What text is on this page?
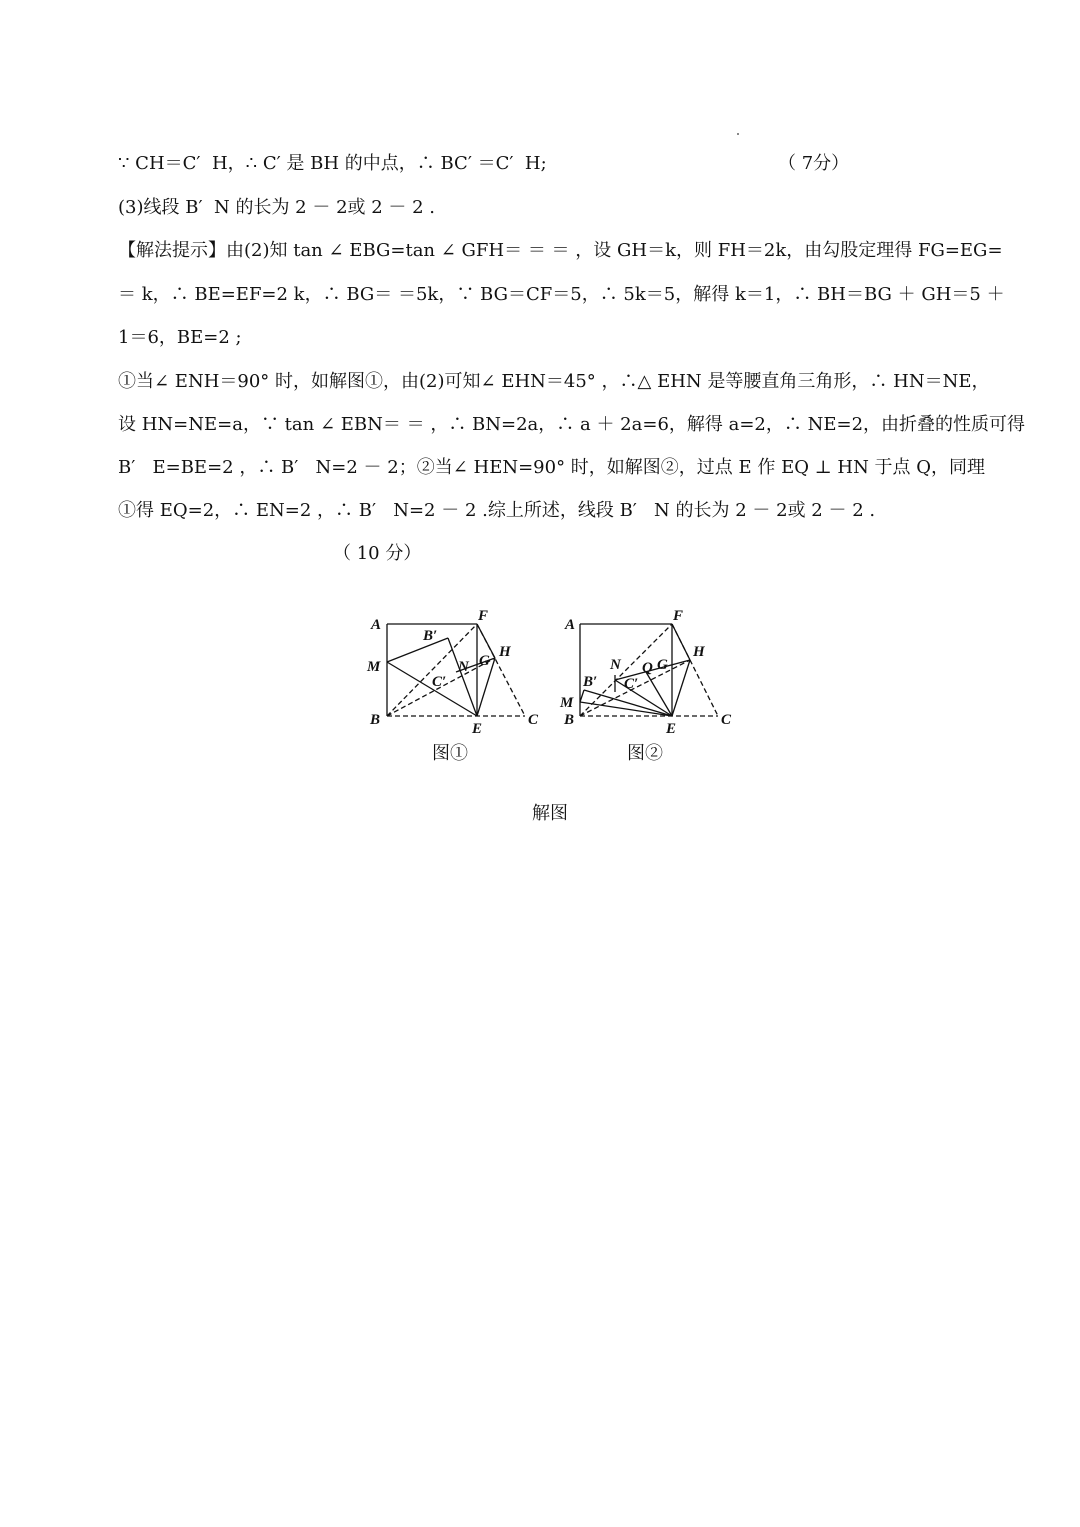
∵ CH＝C′  H，∴ C′ 是 BH 的中点，∴ BC′ ＝C′  H;	（ 7分）
(3)线段 B′  N 的长为 2 － 2或 2 － 2 .
【解法提示】由(2)知 tan ∠ EBG=tan ∠ GFH＝ ＝ ＝ ，设 GH＝k，则 FH＝2k，由勾股定理得 FG=EG=
＝ k，∴ BE=EF=2 k，∴ BG＝ ＝5k，∵ BG＝CF＝5，∴ 5k＝5，解得 k＝1，∴ BH＝BG ＋ GH＝5 ＋
1＝6，BE=2 ;
①当∠ ENH＝90° 时，如解图①，由(2)可知∠ EHN＝45° ，∴△ EHN 是等腰直角三角形，∴ HN＝NE，
设 HN=NE=a，∵ tan ∠ EBN＝ ＝ ，∴ BN=2a，∴ a ＋ 2a=6，解得 a=2，∴ NE=2，由折叠的性质可得
B′   E=BE=2 ，∴ B′   N=2 － 2；②当∠ HEN=90° 时，如解图②，过点 E 作 EQ ⊥ HN 于点 Q，同理
①得 EQ=2，∴ EN=2 ，∴ B′   N=2 － 2 .综上所述，线段 B′   N 的长为 2 － 2或 2 － 2 .
（ 10 分）
A
F
B′
M	N G
H
C′
B
E
C
A
F
N
B′
Q
C′
G
H
M
B
E
C
图①	图②
解图
